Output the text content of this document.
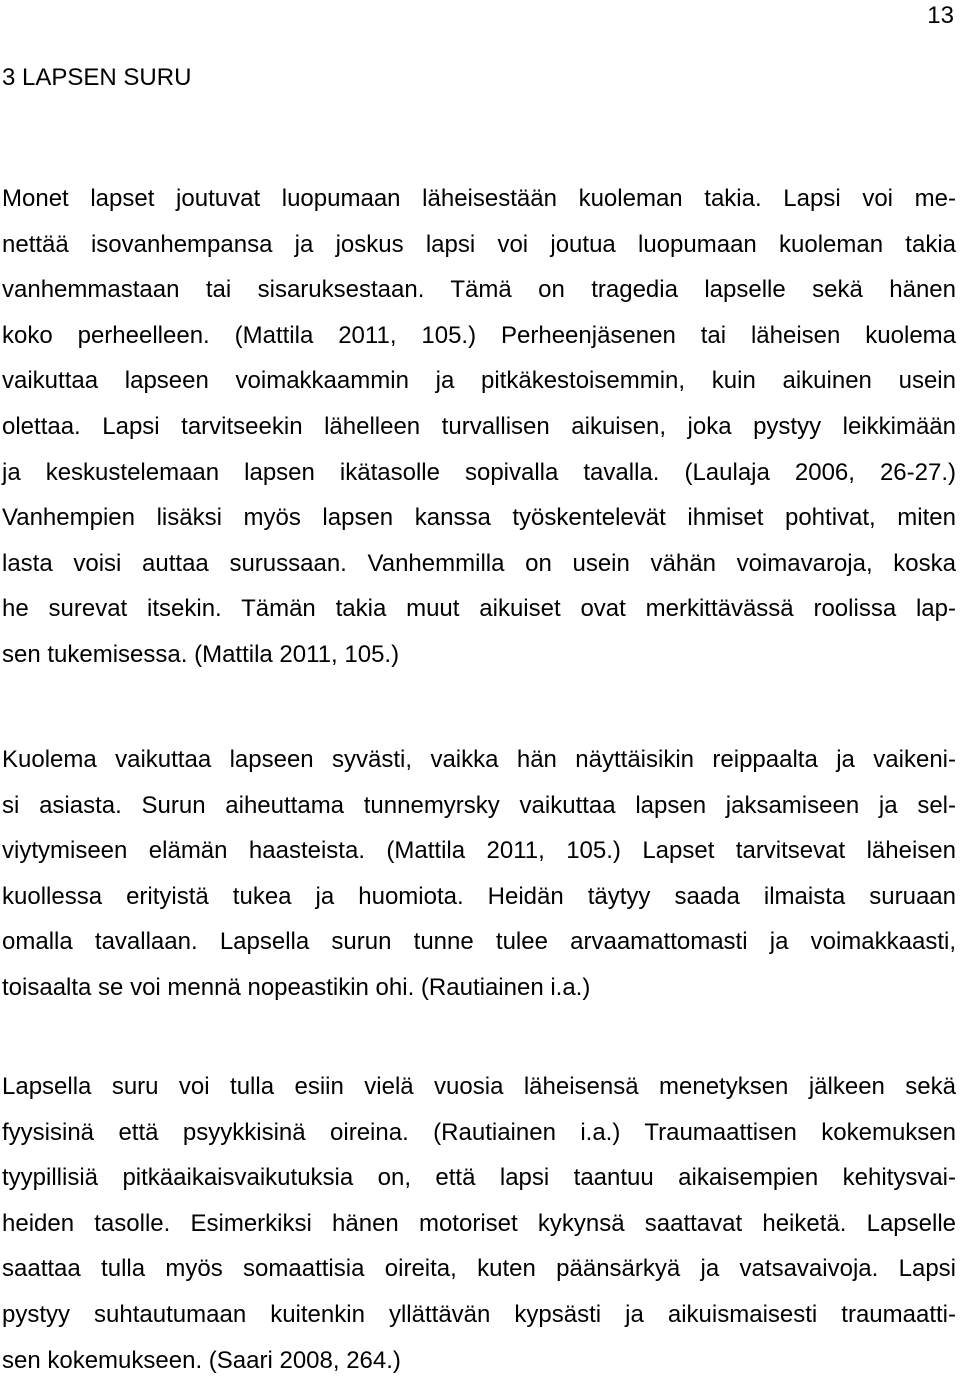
13
3 LAPSEN SURU
Monet lapset joutuvat luopumaan läheisestään kuoleman takia. Lapsi voi me-
nettää isovanhempansa ja joskus lapsi voi joutua luopumaan kuoleman takia
vanhemmastaan tai sisaruksestaan. Tämä on tragedia lapselle sekä hänen
koko perheelleen. (Mattila 2011, 105.) Perheenjäsenen tai läheisen kuolema
vaikuttaa lapseen voimakkaammin ja pitkäkestoisemmin, kuin aikuinen usein
olettaa. Lapsi tarvitseekin lähelleen turvallisen aikuisen, joka pystyy leikkimään
ja keskustelemaan lapsen ikätasolle sopivalla tavalla. (Laulaja 2006, 26-27.)
Vanhempien lisäksi myös lapsen kanssa työskentelevät ihmiset pohtivat, miten
lasta voisi auttaa surussaan. Vanhemmilla on usein vähän voimavaroja, koska
he surevat itsekin. Tämän takia muut aikuiset ovat merkittävässä roolissa lap-
sen tukemisessa. (Mattila 2011, 105.)
Kuolema vaikuttaa lapseen syvästi, vaikka hän näyttäisikin reippaalta ja vaikeni-
si asiasta. Surun aiheuttama tunnemyrsky vaikuttaa lapsen jaksamiseen ja sel-
viytymiseen elämän haasteista. (Mattila 2011, 105.) Lapset tarvitsevat läheisen
kuollessa erityistä tukea ja huomiota. Heidän täytyy saada ilmaista suruaan
omalla tavallaan. Lapsella surun tunne tulee arvaamattomasti ja voimakkaasti,
toisaalta se voi mennä nopeastikin ohi. (Rautiainen i.a.)
Lapsella suru voi tulla esiin vielä vuosia läheisensä menetyksen jälkeen sekä
fyysisinä että psyykkisinä oireina. (Rautiainen i.a.) Traumaattisen kokemuksen
tyypillisiä pitkäaikaisvaikutuksia on, että lapsi taantuu aikaisempien kehitysvai-
heiden tasolle. Esimerkiksi hänen motoriset kykynsä saattavat heiketä. Lapselle
saattaa tulla myös somaattisia oireita, kuten päänsärkyä ja vatsavaivoja. Lapsi
pystyy suhtautumaan kuitenkin yllättävän kypsästi ja aikuismaisesti traumaatti-
sen kokemukseen. (Saari 2008, 264.)
